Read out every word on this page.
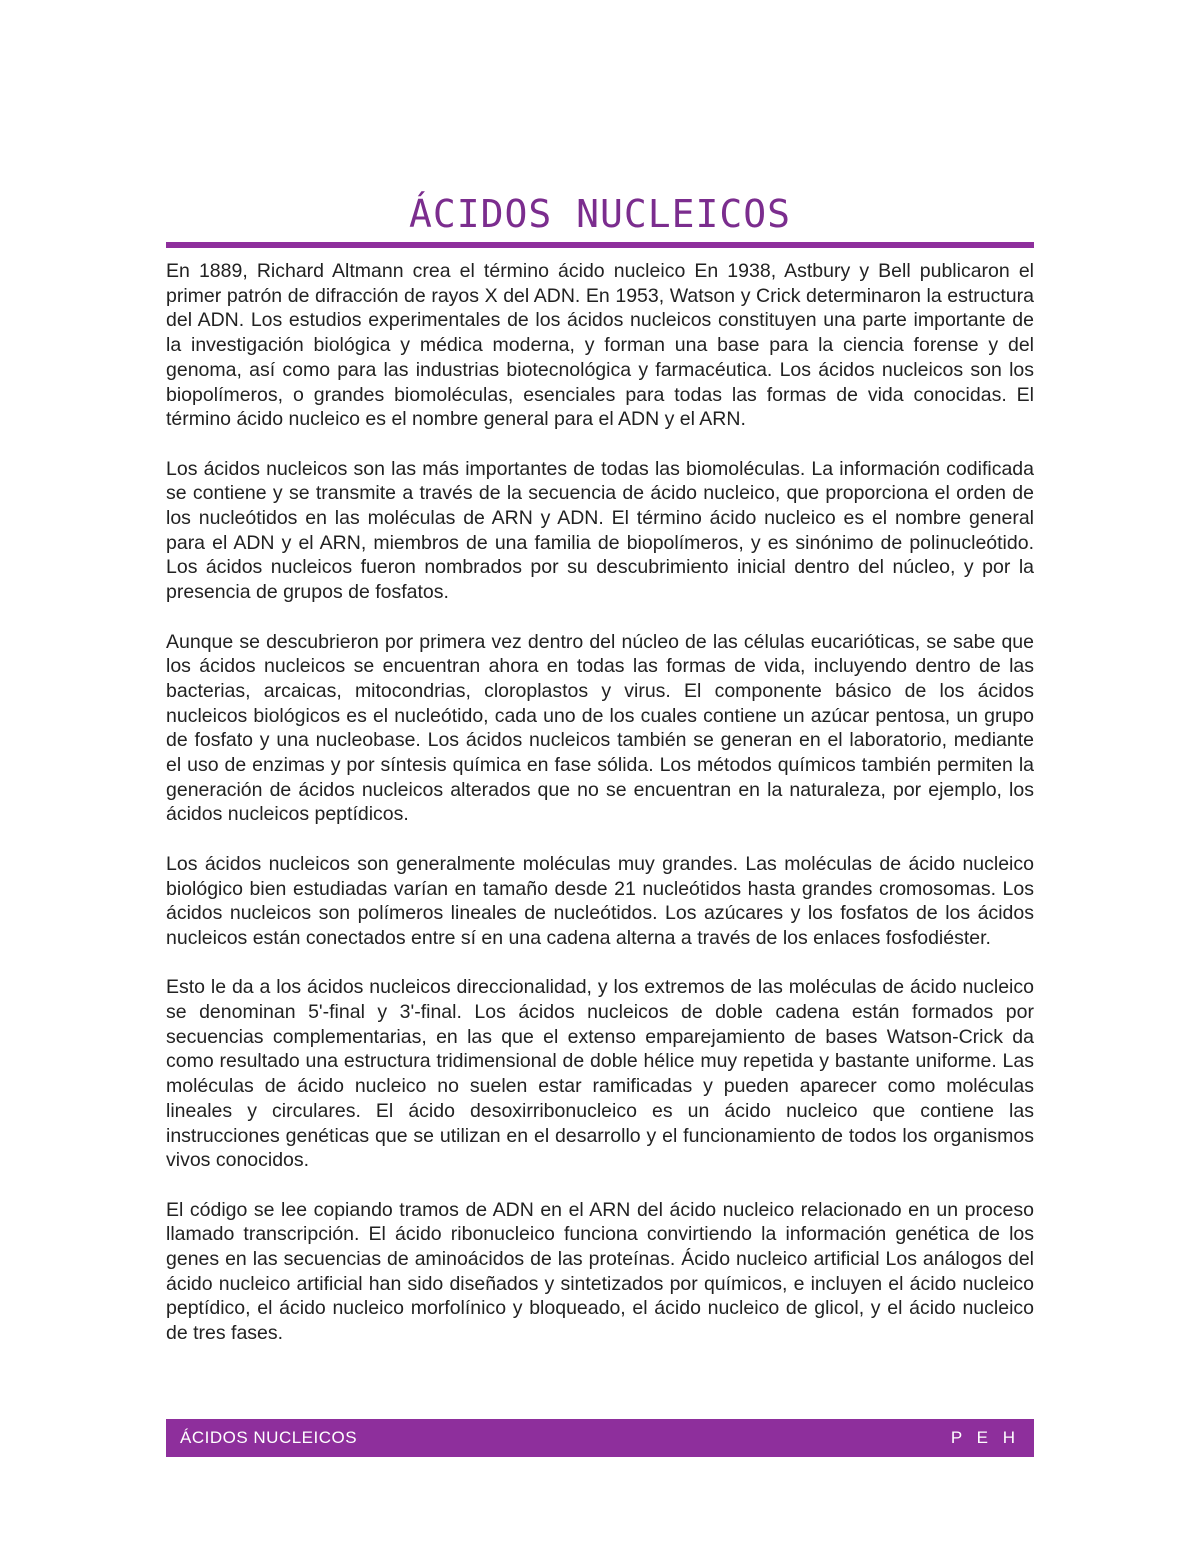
ÁCIDOS NUCLEICOS

En 1889, Richard Altmann crea el término ácido nucleico En 1938, Astbury y Bell publicaron el primer patrón de difracción de rayos X del ADN. En 1953, Watson y Crick determinaron la estructura del ADN. Los estudios experimentales de los ácidos nucleicos constituyen una parte importante de la investigación biológica y médica moderna, y forman una base para la ciencia forense y del genoma, así como para las industrias biotecnológica y farmacéutica. Los ácidos nucleicos son los biopolímeros, o grandes biomoléculas, esenciales para todas las formas de vida conocidas. El término ácido nucleico es el nombre general para el ADN y el ARN.

Los ácidos nucleicos son las más importantes de todas las biomoléculas. La información codificada se contiene y se transmite a través de la secuencia de ácido nucleico, que proporciona el orden de los nucleótidos en las moléculas de ARN y ADN. El término ácido nucleico es el nombre general para el ADN y el ARN, miembros de una familia de biopolímeros, y es sinónimo de polinucleótido. Los ácidos nucleicos fueron nombrados por su descubrimiento inicial dentro del núcleo, y por la presencia de grupos de fosfatos.

Aunque se descubrieron por primera vez dentro del núcleo de las células eucarióticas, se sabe que los ácidos nucleicos se encuentran ahora en todas las formas de vida, incluyendo dentro de las bacterias, arcaicas, mitocondrias, cloroplastos y virus. El componente básico de los ácidos nucleicos biológicos es el nucleótido, cada uno de los cuales contiene un azúcar pentosa, un grupo de fosfato y una nucleobase. Los ácidos nucleicos también se generan en el laboratorio, mediante el uso de enzimas y por síntesis química en fase sólida. Los métodos químicos también permiten la generación de ácidos nucleicos alterados que no se encuentran en la naturaleza, por ejemplo, los ácidos nucleicos peptídicos.

Los ácidos nucleicos son generalmente moléculas muy grandes. Las moléculas de ácido nucleico biológico bien estudiadas varían en tamaño desde 21 nucleótidos hasta grandes cromosomas. Los ácidos nucleicos son polímeros lineales de nucleótidos. Los azúcares y los fosfatos de los ácidos nucleicos están conectados entre sí en una cadena alterna a través de los enlaces fosfodiéster.

Esto le da a los ácidos nucleicos direccionalidad, y los extremos de las moléculas de ácido nucleico se denominan 5'-final y 3'-final. Los ácidos nucleicos de doble cadena están formados por secuencias complementarias, en las que el extenso emparejamiento de bases Watson-Crick da como resultado una estructura tridimensional de doble hélice muy repetida y bastante uniforme. Las moléculas de ácido nucleico no suelen estar ramificadas y pueden aparecer como moléculas lineales y circulares. El ácido desoxirribonucleico es un ácido nucleico que contiene las instrucciones genéticas que se utilizan en el desarrollo y el funcionamiento de todos los organismos vivos conocidos.

El código se lee copiando tramos de ADN en el ARN del ácido nucleico relacionado en un proceso llamado transcripción. El ácido ribonucleico funciona convirtiendo la información genética de los genes en las secuencias de aminoácidos de las proteínas. Ácido nucleico artificial Los análogos del ácido nucleico artificial han sido diseñados y sintetizados por químicos, e incluyen el ácido nucleico peptídico, el ácido nucleico morfolínico y bloqueado, el ácido nucleico de glicol, y el ácido nucleico de tres fases.

ÁCIDOS NUCLEICOS	P E H
